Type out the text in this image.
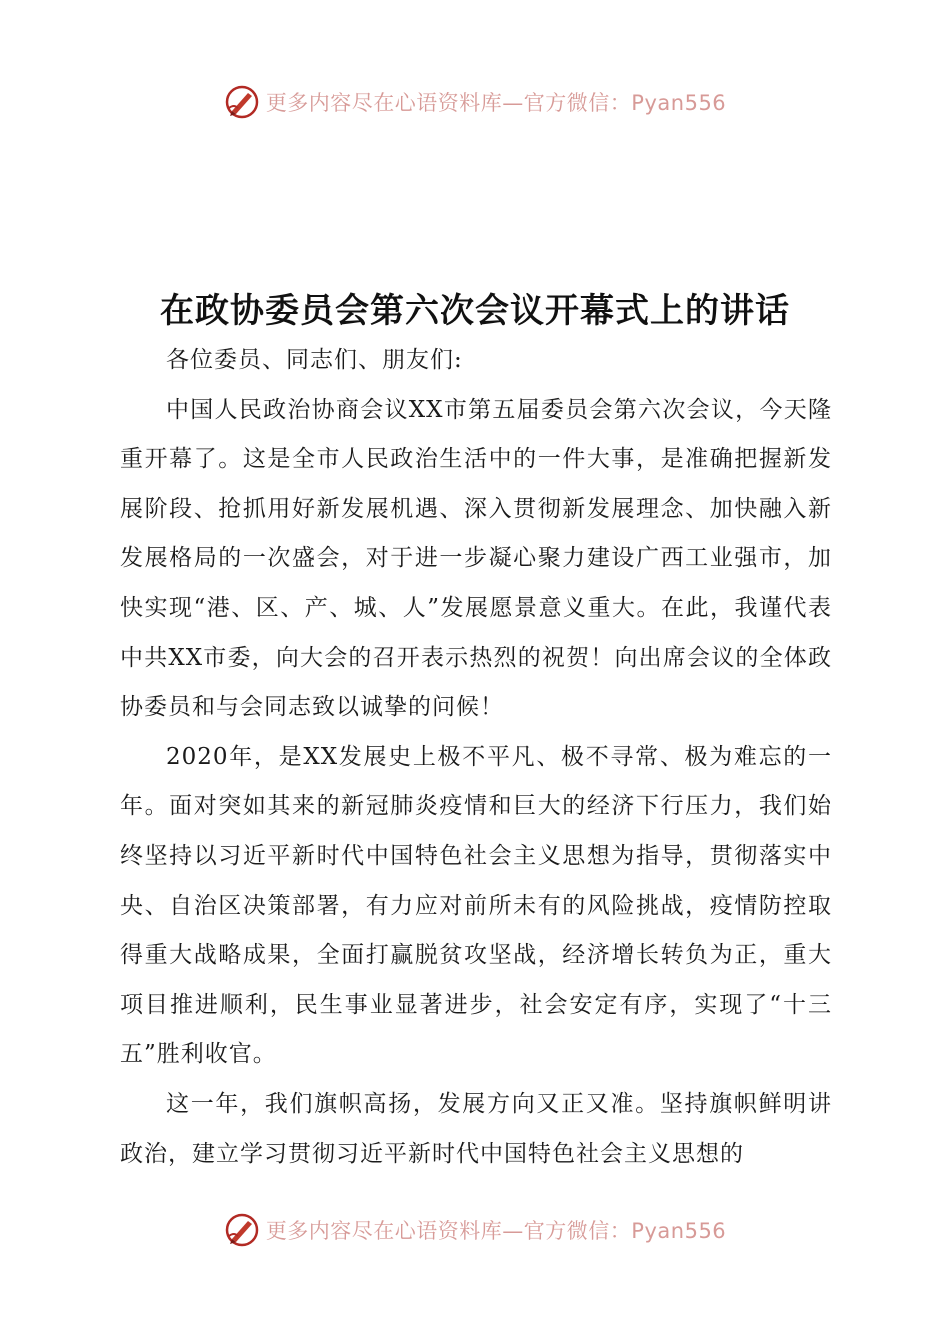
更多内容尽在心语资料库—官方微信：Pyan556
在政协委员会第六次会议开幕式上的讲话

各位委员、同志们、朋友们:

中国人民政治协商会议XX市第五届委员会第六次会议，今天隆重开幕了。这是全市人民政治生活中的一件大事，是准确把握新发展阶段、抢抓用好新发展机遇、深入贯彻新发展理念、加快融入新发展格局的一次盛会，对于进一步凝心聚力建设广西工业强市，加快实现“港、区、产、城、人”发展愿景意义重大。在此，我谨代表中共XX市委，向大会的召开表示热烈的祝贺！向出席会议的全体政协委员和与会同志致以诚挚的问候！

2020年，是XX发展史上极不平凡、极不寻常、极为难忘的一年。面对突如其来的新冠肺炎疫情和巨大的经济下行压力，我们始终坚持以习近平新时代中国特色社会主义思想为指导，贯彻落实中央、自治区决策部署，有力应对前所未有的风险挑战，疫情防控取得重大战略成果，全面打赢脱贫攻坚战，经济增长转负为正，重大项目推进顺利，民生事业显著进步，社会安定有序，实现了“十三五”胜利收官。

这一年，我们旗帜高扬，发展方向又正又准。坚持旗帜鲜明讲政治，建立学习贯彻习近平新时代中国特色社会主义思想的

更多内容尽在心语资料库—官方微信：Pyan556
